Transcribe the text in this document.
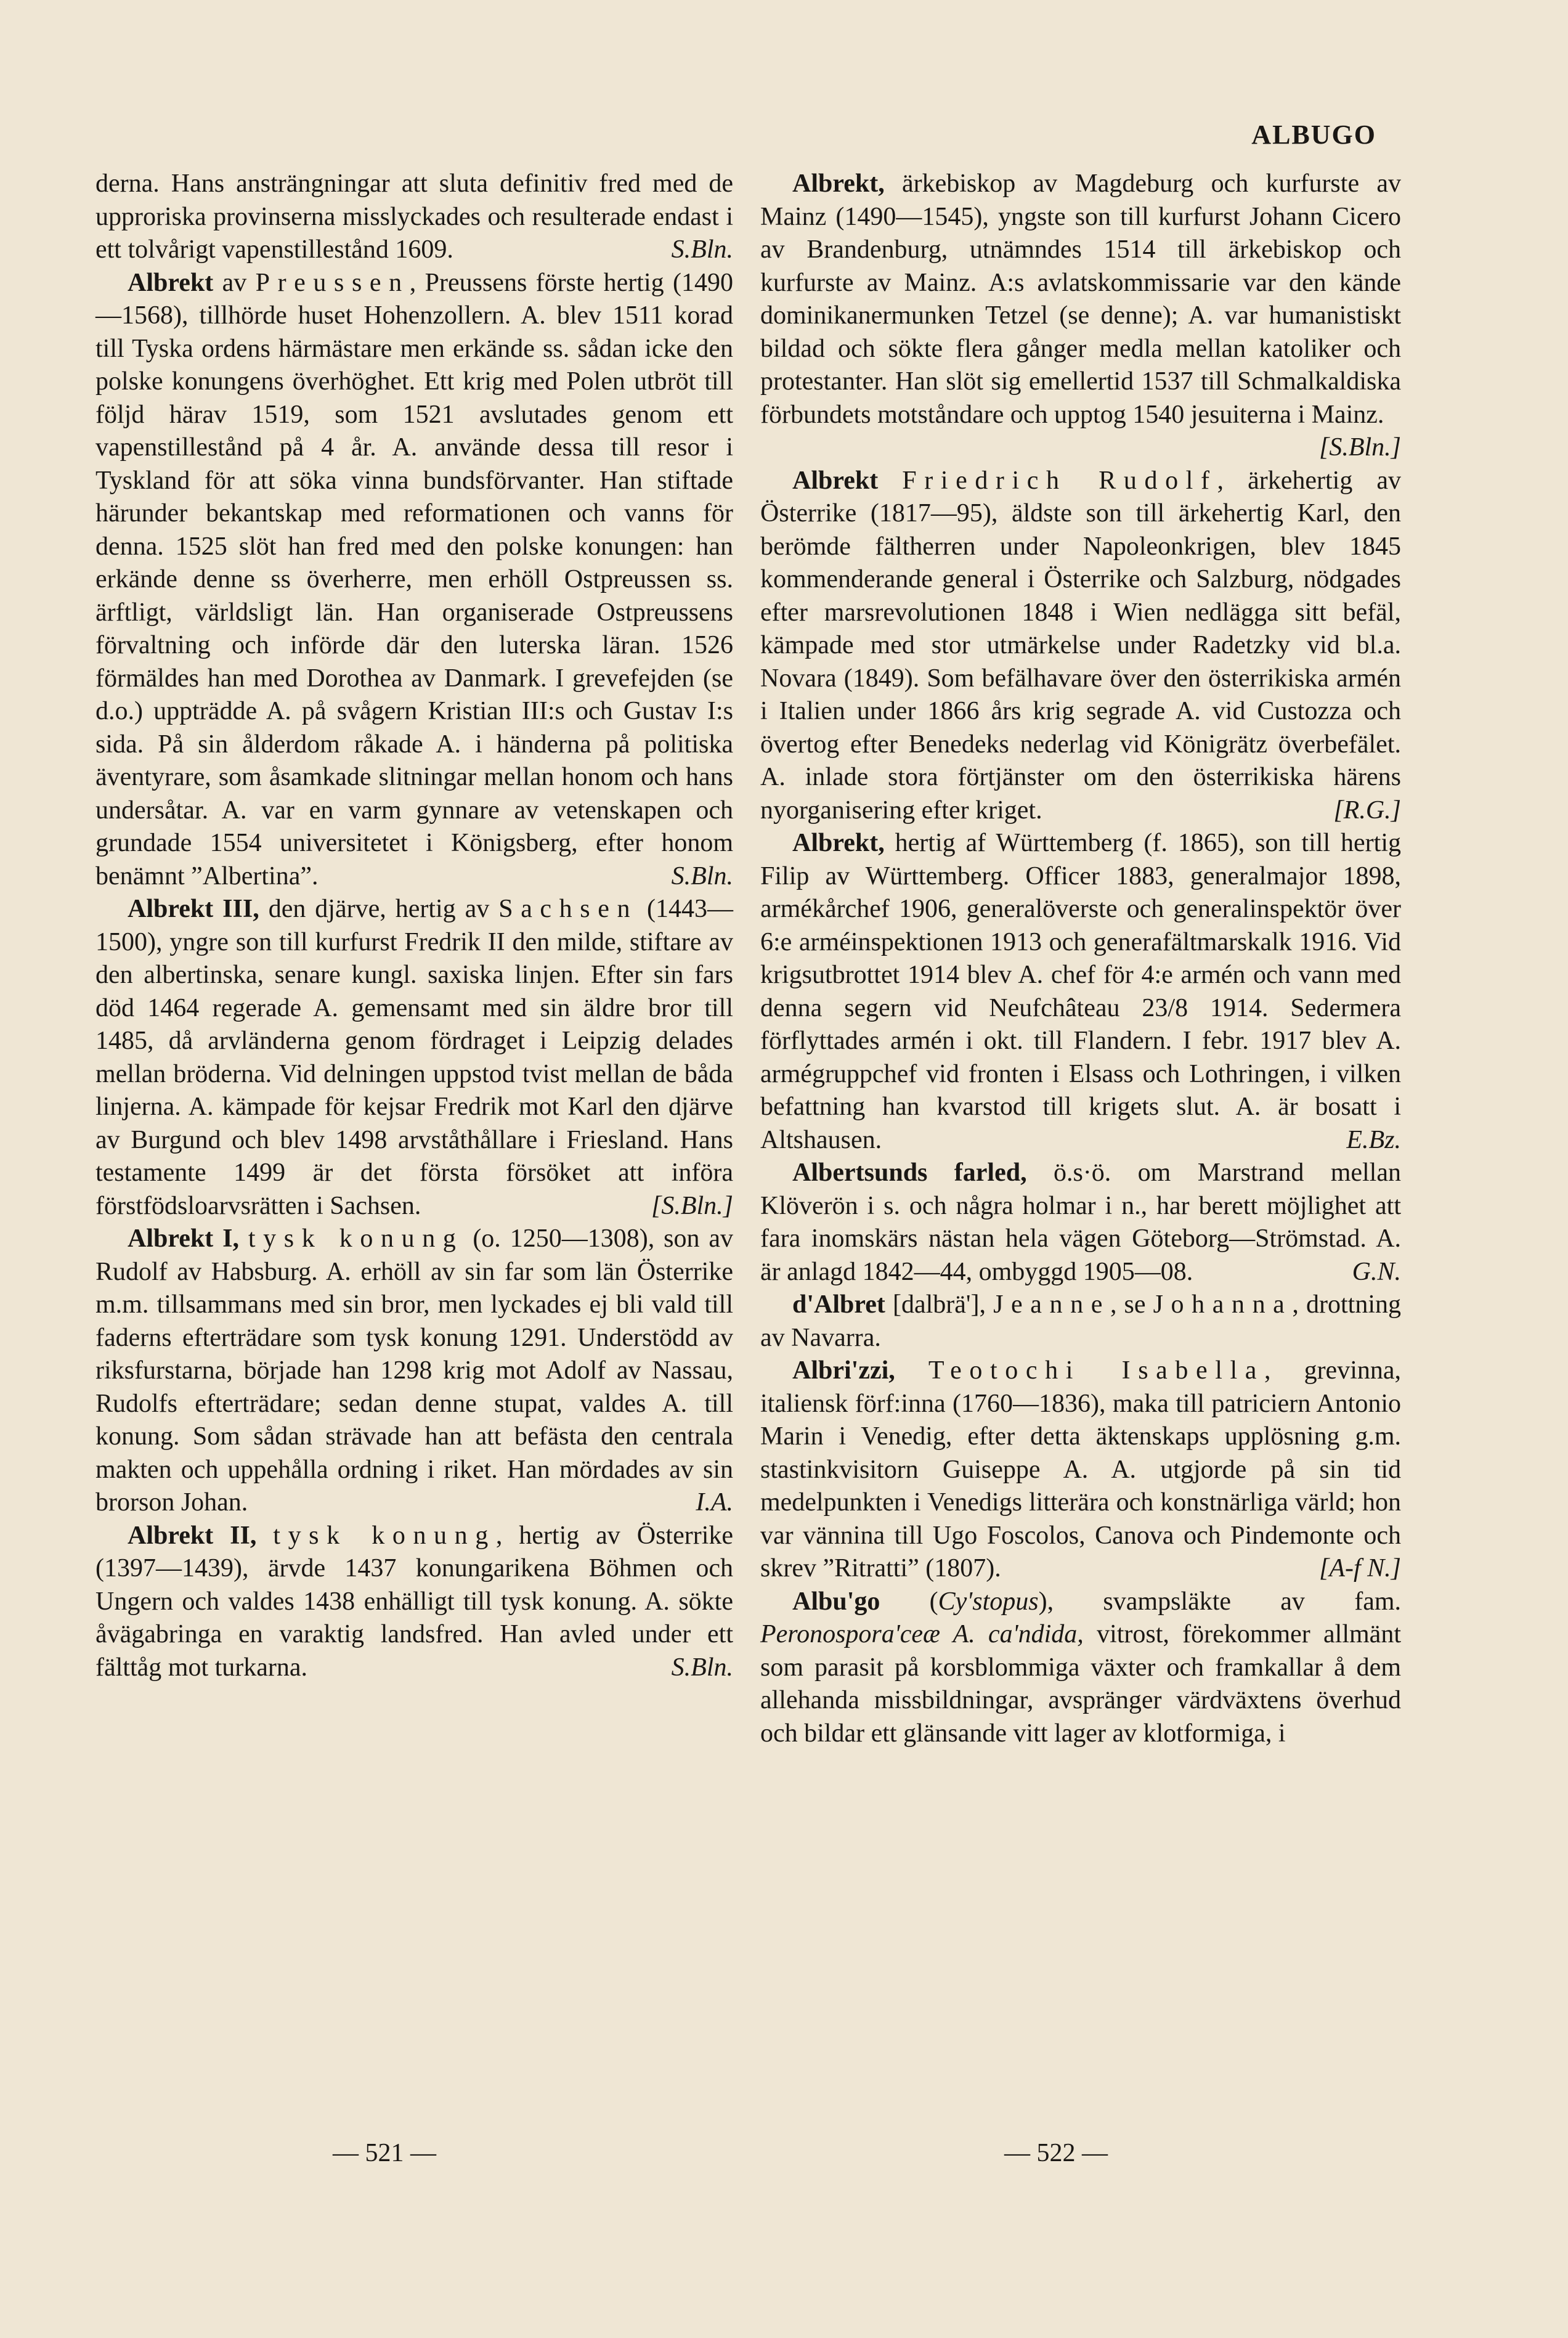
ALBUGO

derna. Hans ansträngningar att sluta definitiv fred med de upproriska provinserna misslyckades och resulterade endast i ett tolvårigt vapenstillestånd 1609.	S.Bln.

Albrekt av Preussen, Preussens förste hertig (1490—1568), tillhörde huset Hohenzollern. A. blev 1511 korad till Tyska ordens härmästare men erkände ss. sådan icke den polske konungens överhöghet. Ett krig med Polen utbröt till följd härav 1519, som 1521 avslutades genom ett vapenstillestånd på 4 år. A. använde dessa till resor i Tyskland för att söka vinna bundsförvanter. Han stiftade härunder bekantskap med reformationen och vanns för denna. 1525 slöt han fred med den polske konungen: han erkände denne ss överherre, men erhöll Ostpreussen ss. ärftligt, världsligt län. Han organiserade Ostpreussens förvaltning och införde där den luterska läran. 1526 förmäldes han med Dorothea av Danmark. I grevefejden (se d.o.) uppträdde A. på svågern Kristian III:s och Gustav I:s sida. På sin ålderdom råkade A. i händerna på politiska äventyrare, som åsamkade slitningar mellan honom och hans undersåtar. A. var en varm gynnare av vetenskapen och grundade 1554 universitetet i Königsberg, efter honom benämnt ”Albertina”.	S.Bln.

Albrekt III, den djärve, hertig av Sachsen (1443—1500), yngre son till kurfurst Fredrik II den milde, stiftare av den albertinska, senare kungl. saxiska linjen. Efter sin fars död 1464 regerade A. gemensamt med sin äldre bror till 1485, då arvländerna genom fördraget i Leipzig delades mellan bröderna. Vid delningen uppstod tvist mellan de båda linjerna. A. kämpade för kejsar Fredrik mot Karl den djärve av Burgund och blev 1498 arvståthållare i Friesland. Hans testamente 1499 är det första försöket att införa förstfödsloarvsrätten i Sachsen.	[S.Bln.]

Albrekt I, tysk konung (o. 1250—1308), son av Rudolf av Habsburg. A. erhöll av sin far som län Österrike m.m. tillsammans med sin bror, men lyckades ej bli vald till faderns efterträdare som tysk konung 1291. Understödd av riksfurstarna, började han 1298 krig mot Adolf av Nassau, Rudolfs efterträdare; sedan denne stupat, valdes A. till konung. Som sådan strävade han att befästa den centrala makten och uppehålla ordning i riket. Han mördades av sin brorson Johan.	I.A.

Albrekt II, tysk konung, hertig av Österrike (1397—1439), ärvde 1437 konungarikena Böhmen och Ungern och valdes 1438 enhälligt till tysk konung. A. sökte åvägabringa en varaktig landsfred. Han avled under ett fälttåg mot turkarna.	S.Bln.

Albrekt, ärkebiskop av Magdeburg och kurfurste av Mainz (1490—1545), yngste son till kurfurst Johann Cicero av Brandenburg, utnämndes 1514 till ärkebiskop och kurfurste av Mainz. A:s avlatskommissarie var den kände dominikanermunken Tetzel (se denne); A. var humanistiskt bildad och sökte flera gånger medla mellan katoliker och protestanter. Han slöt sig emellertid 1537 till Schmalkaldiska förbundets motståndare och upptog 1540 jesuiterna i Mainz.
[S.Bln.]

Albrekt Friedrich Rudolf, ärkehertig av Österrike (1817—95), äldste son till ärkehertig Karl, den berömde fältherren under Napoleonkrigen, blev 1845 kommenderande general i Österrike och Salzburg, nödgades efter marsrevolutionen 1848 i Wien nedlägga sitt befäl, kämpade med stor utmärkelse under Radetzky vid bl.a. Novara (1849). Som befälhavare över den österrikiska armén i Italien under 1866 års krig segrade A. vid Custozza och övertog efter Benedeks nederlag vid Königrätz överbefälet. A. inlade stora förtjänster om den österrikiska härens nyorganisering efter kriget.	[R.G.]

Albrekt, hertig af Württemberg (f. 1865), son till hertig Filip av Württemberg. Officer 1883, generalmajor 1898, armékårchef 1906, generalöverste och generalinspektör över 6:e arméinspektionen 1913 och generafältmarskalk 1916. Vid krigsutbrottet 1914 blev A. chef för 4:e armén och vann med denna segern vid Neufchâteau 23/8 1914. Sedermera förflyttades armén i okt. till Flandern. I febr. 1917 blev A. armégruppchef vid fronten i Elsass och Lothringen, i vilken befattning han kvarstod till krigets slut. A. är bosatt i Altshausen.	E.Bz.

Albertsunds farled, ö.s·ö. om Marstrand mellan Klöverön i s. och några holmar i n., har berett möjlighet att fara inomskärs nästan hela vägen Göteborg—Strömstad. A. är anlagd 1842—44, ombyggd 1905—08.	G.N.

d'Albret [dalbrä'], Jeanne, se Johanna, drottning av Navarra.

Albri'zzi, Teotochi Isabella, grevinna, italiensk förf:inna (1760—1836), maka till patriciern Antonio Marin i Venedig, efter detta äktenskaps upplösning g.m. stastinkvisitorn Guiseppe A. A. utgjorde på sin tid medelpunkten i Venedigs litterära och konstnärliga värld; hon var vännina till Ugo Foscolos, Canova och Pindemonte och skrev ”Ritratti” (1807).	[A-f N.]

Albu'go (Cy'stopus), svampsläkte av fam. Peronospora'ceæ A. ca'ndida, vitrost, förekommer allmänt som parasit på korsblommiga växter och framkallar å dem allehanda missbildningar, avspränger värdväxtens överhud och bildar ett glänsande vitt lager av klotformiga, i

— 521 —	— 522 —
